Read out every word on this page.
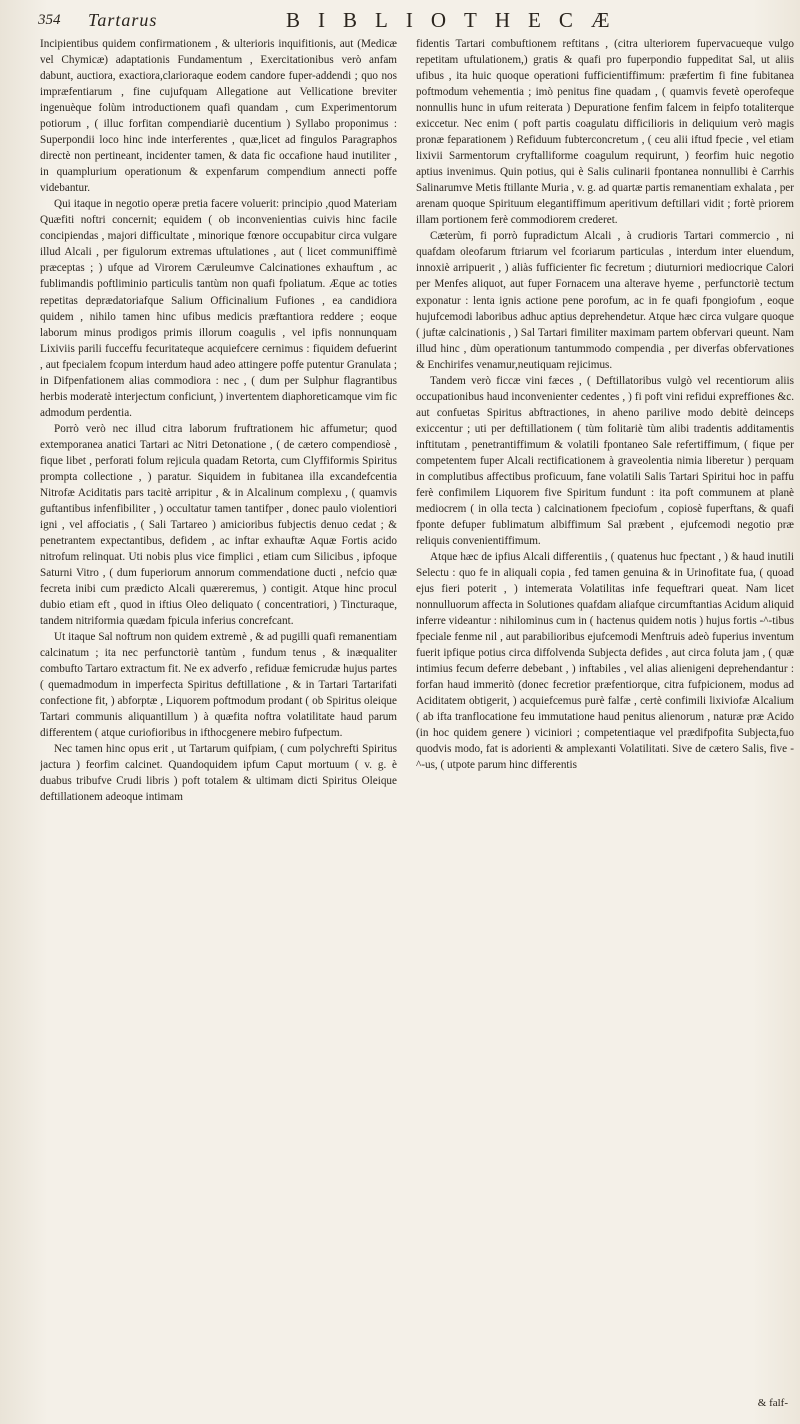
354 Tartarus	BIBLIOTHECÆ

Incipientibus quidem confirmationem , & ulterioris inquifitionis, aut (Medicæ vel Chymicæ) adaptationis Fundamentum , Exercitationibus verò anfam dabunt, auctiora, exactiora,clarioraque eodem candore fuper-addendi ; quo nos impræfentiarum , fine cujufquam Allegatione aut Vellicatione breviter ingenuèque folùm introductionem quafi quandam , cum Experimentorum potiorum , ( illuc forfitan compendiariè ducentium ) Syllabo proponimus : Superpondii loco hinc inde interferentes , quæ,licet ad fingulos Paragraphos directè non pertineant, incidenter tamen, & data fic occafione haud inutiliter , in quamplurium operationum & expenfarum compendium annecti poffe videbantur.

Qui itaque in negotio operæ pretia facere voluerit: principio ,quod Materiam Quæfiti noftri concernit; equidem ( ob inconvenientias cuivis hinc facile concipiendas , majori difficultate , minorique fœnore occupabitur circa vulgare illud Alcali , per figulorum extremas uftulationes , aut ( licet communiffimè præceptas ; ) ufque ad Virorem Cæruleumve Calcinationes exhauftum , ac fublimandis poftliminio particulis tantùm non quafi fpoliatum. Æque ac toties repetitas deprædatoriafque Salium Officinalium Fufiones , ea candidiora quidem , nihilo tamen hinc ufibus medicis præftantiora reddere ; eoque laborum minus prodigos primis illorum coagulis , vel ipfis nonnunquam Lixiviis parili fucceffu fecuritateque acquiefcere cernimus : fiquidem defuerint , aut fpecialem fcopum interdum haud adeo attingere poffe putentur Granulata ; in Difpenfationem alias commodiora : nec , ( dum per Sulphur flagrantibus herbis moderatè interjectum conficiunt, ) invertentem diaphoreticamque vim fic admodum perdentia.

Porrò verò nec illud citra laborum fruftrationem hic affumetur; quod extemporanea anatici Tartari ac Nitri Detonatione , ( de cætero compendiosè , fique libet , perforati folum rejicula quadam Retorta, cum Clyffiformis Spiritus prompta collectione , ) paratur. Siquidem in fubitanea illa excandefcentia Nitrofæ Aciditatis pars tacitè arripitur , & in Alcalinum complexu , ( quamvis guftantibus infenfibiliter , ) occultatur tamen tantifper , donec paulo violentiori igni , vel affociatis , ( Sali Tartareo ) amicioribus fubjectis denuo cedat ; & penetrantem expectantibus, defidem , ac inftar exhauftæ Aquæ Fortis acido nitrofum relinquat. Uti nobis plus vice fimplici , etiam cum Silicibus , ipfoque Saturni Vitro , ( dum fuperiorum annorum commendatione ducti , nefcio quæ fecreta inibi cum prædicto Alcali quæreremus, ) contigit. Atque hinc procul dubio etiam eft , quod in iftius Oleo deliquato ( concentratiori, ) Tincturaque, tandem nitriformia quædam fpicula inferius concrefcant.

Ut itaque Sal noftrum non quidem extremè , & ad pugilli quafi remanentiam calcinatum ; ita nec perfunctoriè tantùm , fundum tenus , & inæqualiter combufto Tartaro extractum fit. Ne ex adverfo , refiduæ femicrudæ hujus partes ( quemadmodum in imperfecta Spiritus deftillatione , & in Tartari Tartarifati confectione fit, ) abforptæ , Liquorem poftmodum prodant ( ob Spiritus oleique Tartari communis aliquantillum ) à quæfita noftra volatilitate haud parum differentem ( atque curiofioribus in ifthocgenere mebiro fufpectum.

Nec tamen hinc opus erit , ut Tartarum quifpiam, ( cum polychrefti Spiritus jactura ) feorfim calcinet. Quandoquidem ipfum Caput mortuum ( v. g. è duabus tribufve Crudi libris ) poft totalem & ultimam dicti Spiritus Oleique deftillationem adeoque intimam

fidentis Tartari combuftionem reftitans , (citra ulteriorem fupervacueque vulgo repetitam uftulationem,) gratis & quafi pro fuperpondio fuppeditat Sal, ut aliis ufibus , ita huic quoque operationi fufficientiffimum: præfertim fi fine fubitanea poftmodum vehementia ; imò penitus fine quadam , ( quamvis fevetè operofeque nonnullis hunc in ufum reiterata ) Depuratione fenfim falcem in feipfo totaliterque exiccetur. Nec enim ( poft partis coagulatu difficilioris in deliquium verò magis pronæ feparationem ) Refiduum fubterconcretum , ( ceu alii iftud fpecie , vel etiam lixivii Sarmentorum cryftalliforme coagulum requirunt, ) feorfim huic negotio aptius invenimus. Quin potius, qui è Salis culinarii fpontanea nonnullibi è Carrhis Salinarumve Metis ftillante Muria , v. g. ad quartæ partis remanentiam exhalata , per arenam quoque Spirituum elegantiffimum aperitivum deftillari vidit ; fortè priorem illam portionem ferè commodiorem crederet.

Cæterùm, fi porrò fupradictum Alcali , à crudioris Tartari commercio , ni quafdam oleofarum ftriarum vel fcoriarum particulas , interdum inter eluendum, innoxiè arripuerit , ) aliàs fufficienter fic fecretum ; diuturniori mediocrique Calori per Menfes aliquot, aut fuper Fornacem una alterave hyeme , perfunctoriè tectum exponatur : lenta ignis actione pene porofum, ac in fe quafi fpongiofum , eoque hujufcemodi laboribus adhuc aptius deprehendetur. Atque hæc circa vulgare quoque ( juftæ calcinationis , ) Sal Tartari fimiliter maximam partem obfervari queunt. Nam illud hinc , dùm operationum tantummodo compendia , per diverfas obfervationes & Enchirifes venamur,neutiquam rejicimus.

Tandem verò ficcæ vini fæces , ( Deftillatoribus vulgò vel recentiorum aliis occupationibus haud inconvenienter cedentes , ) fi poft vini refidui expreffiones &c. aut confuetas Spiritus abftractiones, in aheno parilive modo debitè deinceps exiccentur ; uti per deftillationem ( tùm folitariè tùm alibi tradentis additamentis inftitutam , penetrantiffimum & volatili fpontaneo Sale refertiffimum, ( fique per competentem fuper Alcali rectificationem à graveolentia nimia liberetur ) perquam in complutibus affectibus proficuum, fane volatili Salis Tartari Spiritui hoc in paffu ferè confimilem Liquorem five Spiritum fundunt : ita poft communem at planè mediocrem ( in olla tecta ) calcinationem fpeciofum , copiosè fuperftans, & quafi fponte defuper fublimatum albiffimum Sal præbent , ejufcemodi negotio præ reliquis convenientiffimum.

Atque hæc de ipfius Alcali differentiis , ( quatenus huc fpectant , ) & haud inutili Selectu : quo fe in aliquali copia , fed tamen genuina & in Urinofitate fua, ( quoad ejus fieri poterit , ) intemerata Volatilitas infe fequeftrari queat. Nam licet nonnulluorum affecta in Solutiones quafdam aliafque circumftantias Acidum aliquid inferre videantur : nihilominus cum in ( hactenus quidem notis ) hujus fortis -^-tibus fpeciale fenme nil , aut parabilioribus ejufcemodi Menftruis adeò fuperius inventum fuerit ipfique potius circa diffolvenda Subjecta defides , aut circa foluta jam , ( quæ intimius fecum deferre debebant , ) inftabiles , vel alias alienigeni deprehendantur : forfan haud immeritò (donec fecretior præfentiorque, citra fufpicionem, modus ad Aciditatem obtigerit, ) acquiefcemus purè falfæ , certè confimili lixiviofæ Alcalium ( ab ifta tranflocatione feu immutatione haud penitus alienorum , naturæ præ Acido (in hoc quidem genere ) viciniori ; competentiaque vel prædifpofita Subjecta,fuo quodvis modo, fat is adorienti & amplexanti Volatilitati. Sive de cætero Salis, five -^-us, ( utpote parum hinc differentis

& falf-
